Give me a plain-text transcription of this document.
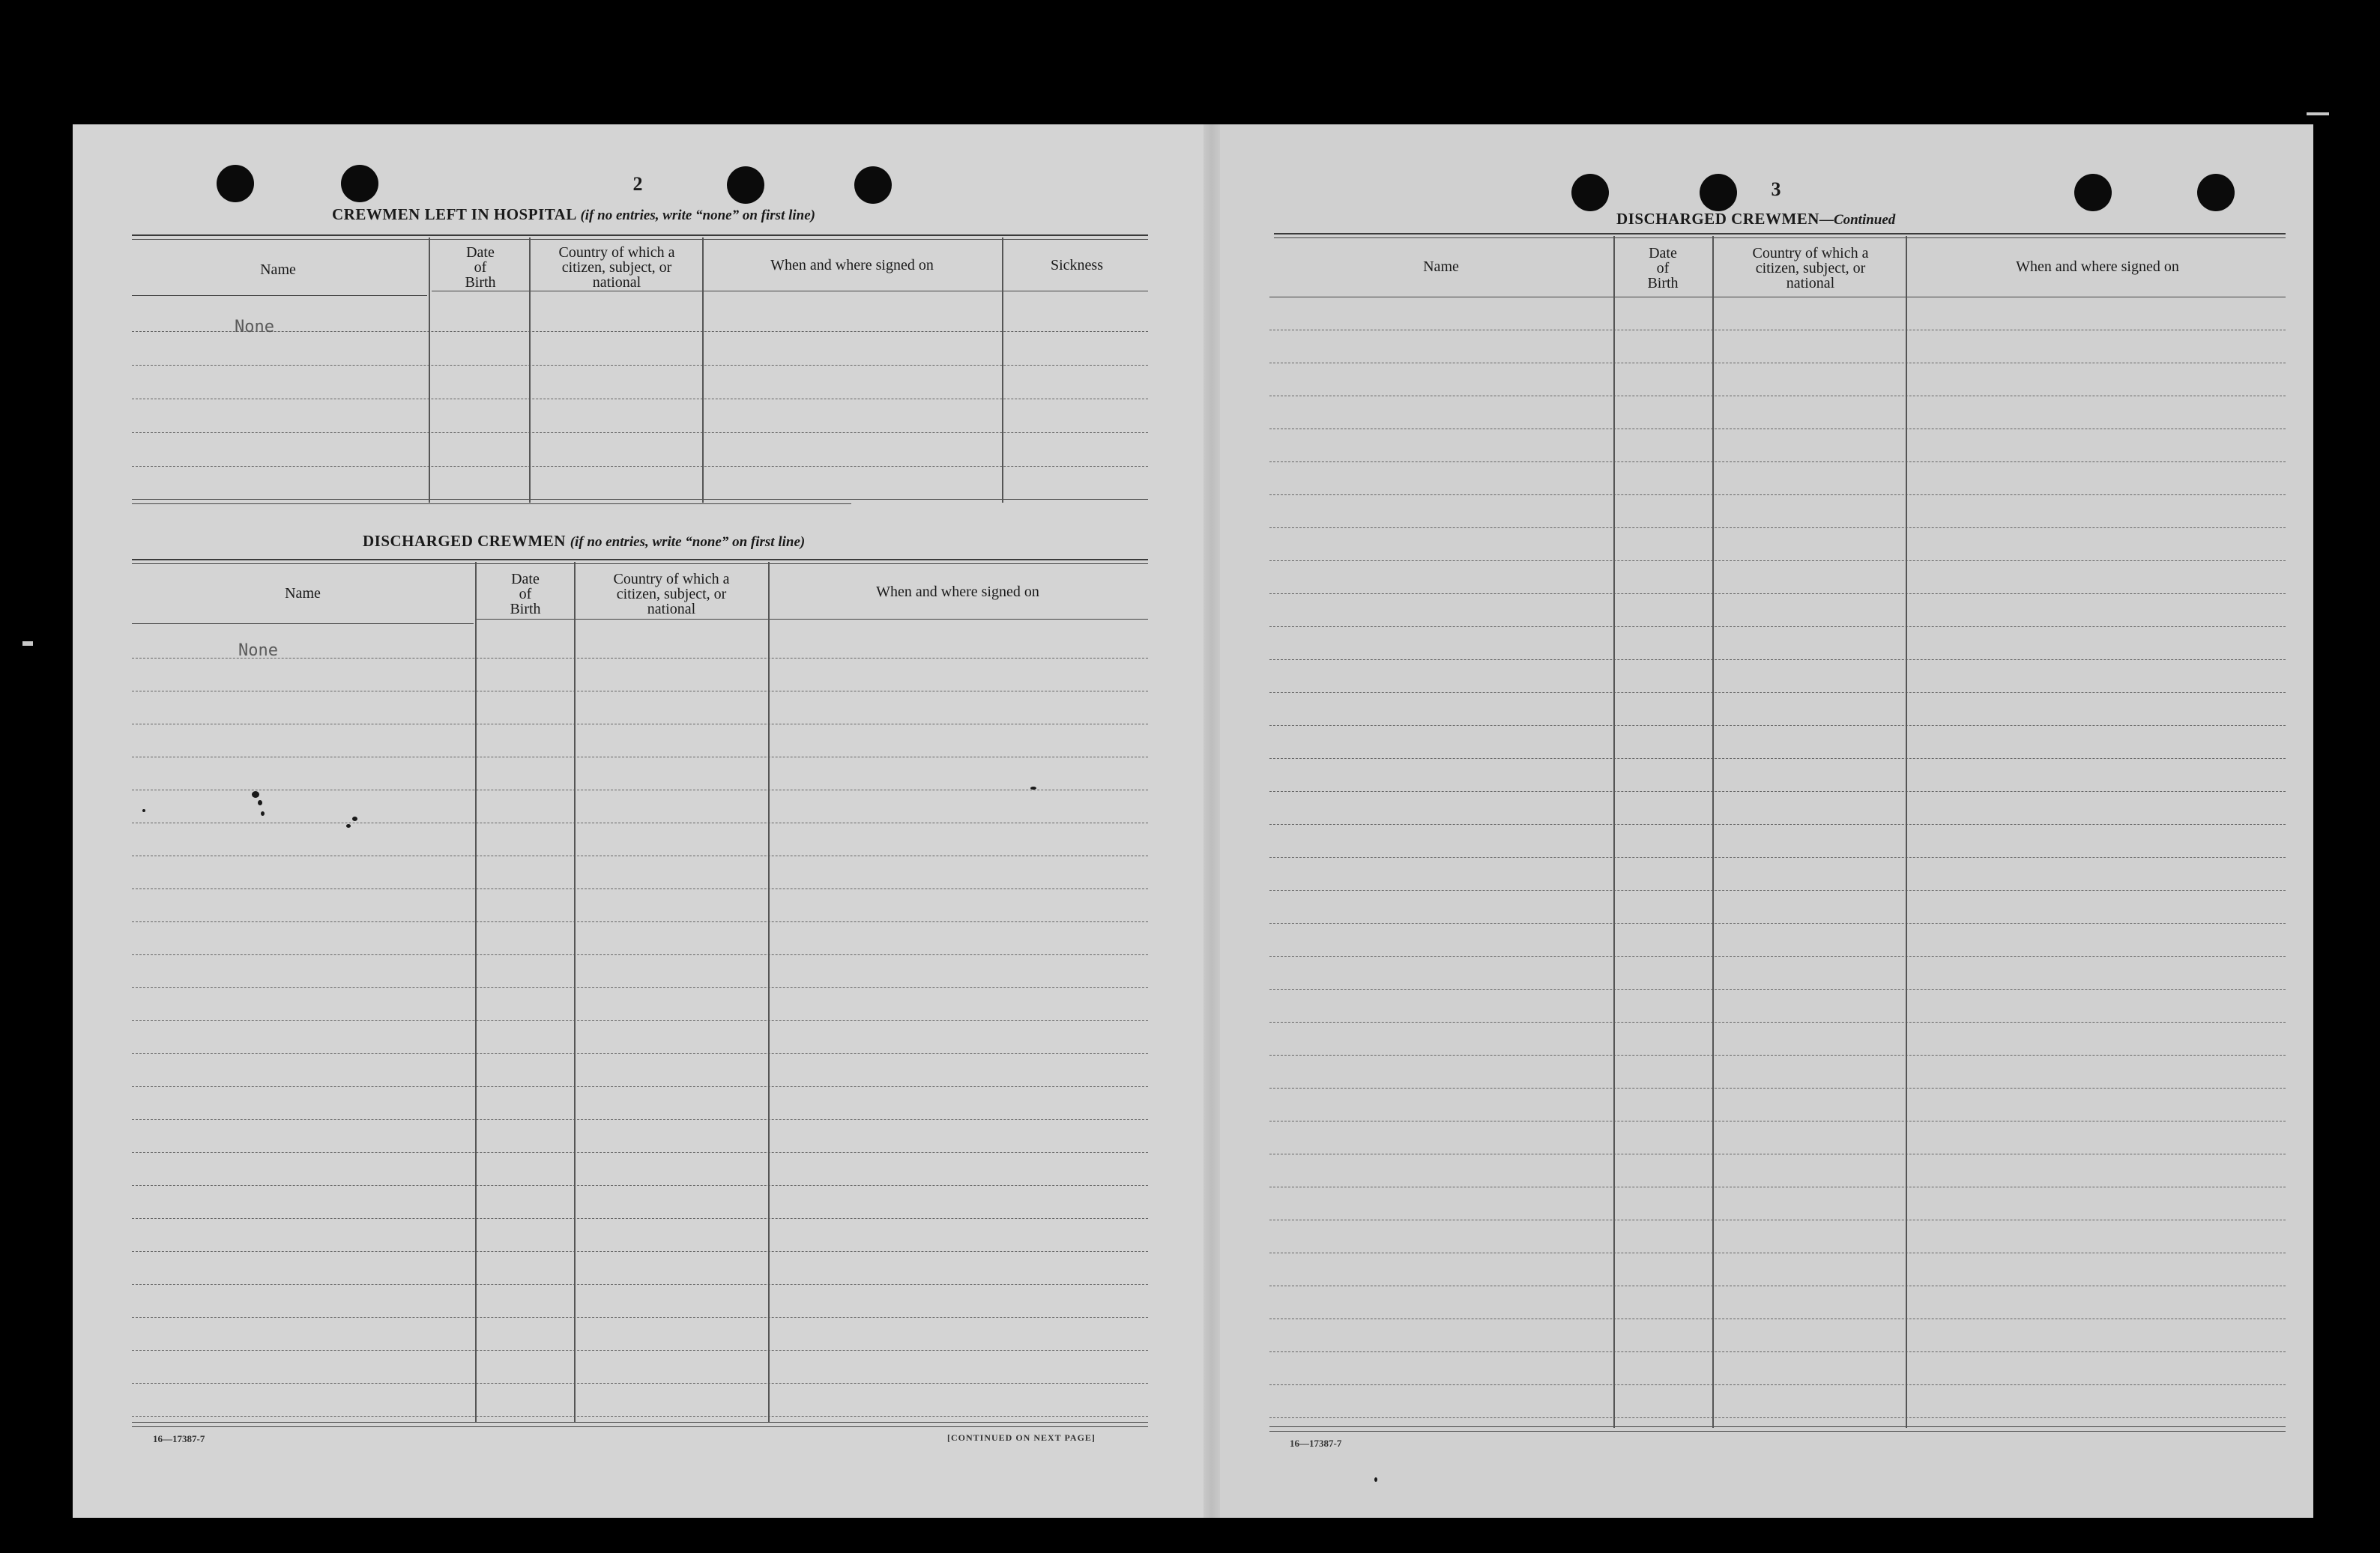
2
CREWMEN LEFT IN HOSPITAL (if no entries, write “none” on first line)
Name
Date
of
Birth
Country of which a
citizen, subject, or
national
When and where signed on	Sickness
None
DISCHARGED CREWMEN (if no entries, write “none” on first line)
Name
Date
of
Birth
Country of which a
citizen, subject, or
national
When and where signed on
None
16—17387-7	[CONTINUED ON NEXT PAGE]
3
DISCHARGED CREWMEN—Continued
Name
Date
of
Birth
Country of which a
citizen, subject, or
national
When and where signed on
16—17387-7
